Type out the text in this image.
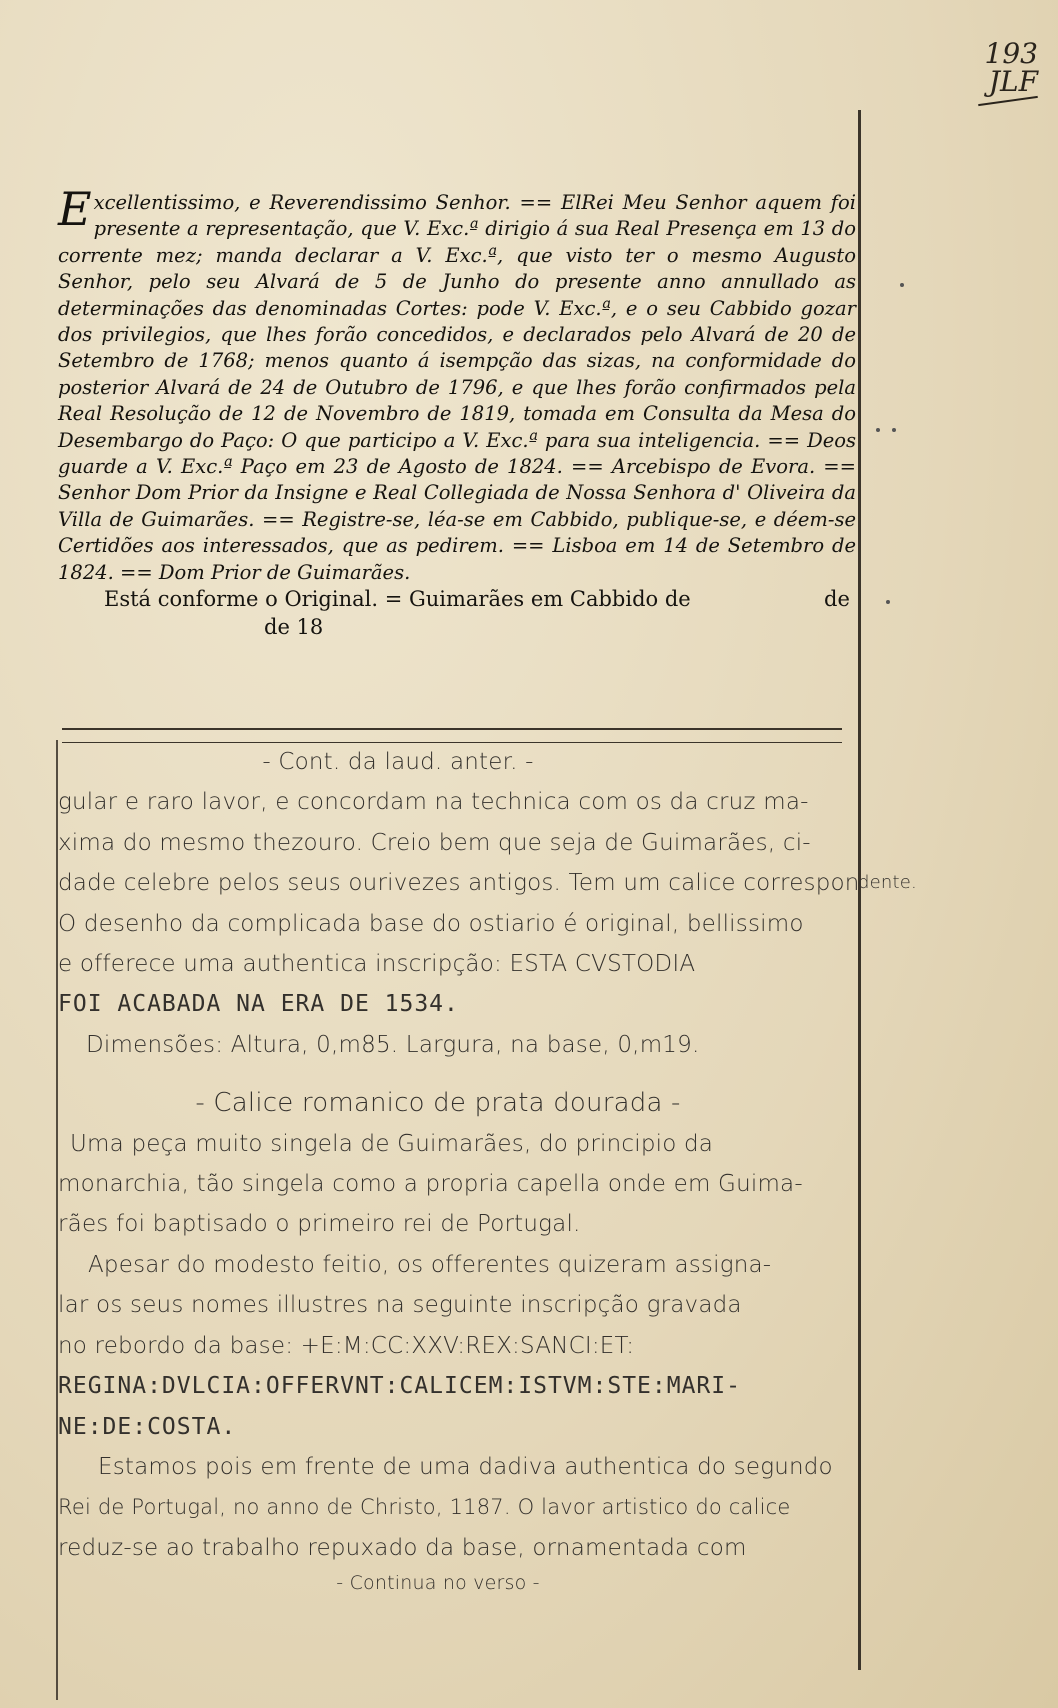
193
JLF
E xcellentissimo, e Reverendissimo Senhor. == ElRei Meu Senhor aquem foi presente a representação, que V. Exc.ª dirigio á sua Real Presença em 13 do corrente mez; manda declarar a V. Exc.ª, que visto ter o mesmo Augusto Senhor, pelo seu Alvará de 5 de Junho do presente anno annullado as determinações das denominadas Cortes: pode V. Exc.ª, e o seu Cabbido gozar dos privilegios, que lhes forão concedidos, e declarados pelo Alvará de 20 de Setembro de 1768; menos quanto á isempção das sizas, na conformidade do posterior Alvará de 24 de Outubro de 1796, e que lhes forão confirmados pela Real Resolução de 12 de Novembro de 1819, tomada em Consulta da Mesa do Desembargo do Paço: O que participo a V. Exc.ª para sua inteligencia. == Deos guarde a V. Exc.ª Paço em 23 de Agosto de 1824. == Arcebispo de Evora. == Senhor Dom Prior da Insigne e Real Collegiada de Nossa Senhora d' Oliveira da Villa de Guimarães. == Registre-se, léa-se em Cabbido, publique-se, e déem-se Certidões aos interessados, que as pedirem. == Lisboa em 14 de Setembro de 1824. == Dom Prior de Guimarães.

Está conforme o Original. = Guimarães em Cabbido de	de
de 18
- Cont. da laud. anter. -
gular e raro lavor, e concordam na technica com os da cruz ma-
xima do mesmo thezouro. Creio bem que seja de Guimarães, ci-
dade celebre pelos seus ourivezes antigos. Tem um calice correspon
dente.
O desenho da complicada base do ostiario é original, bellissimo
e offerece uma authentica inscripção: ESTA CVSTODIA
FOI ACABADA NA ERA DE 1534.
Dimensões: Altura, 0,m85. Largura, na base, 0,m19.
- Calice romanico de prata dourada -
Uma peça muito singela de Guimarães, do principio da
monarchia, tão singela como a propria capella onde em Guima-
rães foi baptisado o primeiro rei de Portugal.
Apesar do modesto feitio, os offerentes quizeram assigna-
lar os seus nomes illustres na seguinte inscripção gravada
no rebordo da base: +E:M:CC:XXV:REX:SANCI:ET:
REGINA:DVLCIA:OFFERVNT:CALICEM:ISTVM:STE:MARI-
NE:DE:COSTA.
Estamos pois em frente de uma dadiva authentica do segundo
Rei de Portugal, no anno de Christo, 1187. O lavor artistico do calice
reduz-se ao trabalho repuxado da base, ornamentada com
- Continua no verso -
